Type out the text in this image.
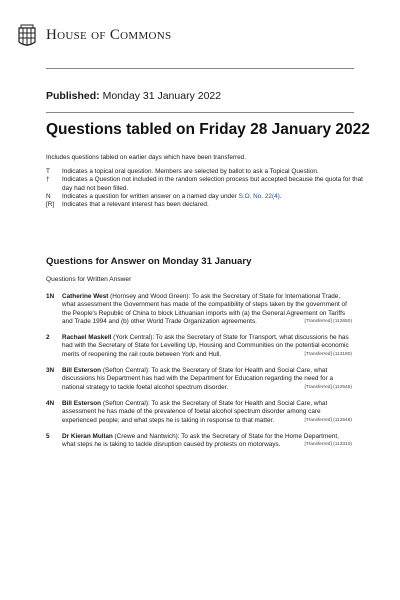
House of Commons
Published: Monday 31 January 2022
Questions tabled on Friday 28 January 2022
Includes questions tabled on earlier days which have been transferred.
T	Indicates a topical oral question. Members are selected by ballot to ask a Topical Question.
†	Indicates a Question not included in the random selection process but accepted because the quota for that day had not been filled.
N	Indicates a question for written answer on a named day under S.O. No. 22(4).
[R]	Indicates that a relevant interest has been declared.
Questions for Answer on Monday 31 January
Questions for Written Answer
1N	Catherine West (Hornsey and Wood Green): To ask the Secretary of State for International Trade, what assessment the Government has made of the compatibility of steps taken by the government of the People's Republic of China to block Lithuanian imports with (a) the General Agreement on Tariffs and Trade 1994 and (b) other World Trade Organization agreements.	[Transferred] (112650)
2	Rachael Maskell (York Central): To ask the Secretary of State for Transport, what discussions he has had with the Secretary of State for Levelling Up, Housing and Communities on the potential economic merits of reopening the rail route between York and Hull.	[Transferred] (113180)
3N	Bill Esterson (Sefton Central): To ask the Secretary of State for Health and Social Care, what discussions his Department has had with the Department for Education regarding the need for a national strategy to tackle foetal alcohol spectrum disorder.	[Transferred] (112545)
4N	Bill Esterson (Sefton Central): To ask the Secretary of State for Health and Social Care, what assessment he has made of the prevalence of foetal alcohol spectrum disorder among care experienced people; and what steps he is taking in response to that matter.	[Transferred] (112546)
5	Dr Kieran Mullan (Crewe and Nantwich): To ask the Secretary of State for the Home Department, what steps he is taking to tackle disruption caused by protests on motorways.	[Transferred] (113310)
